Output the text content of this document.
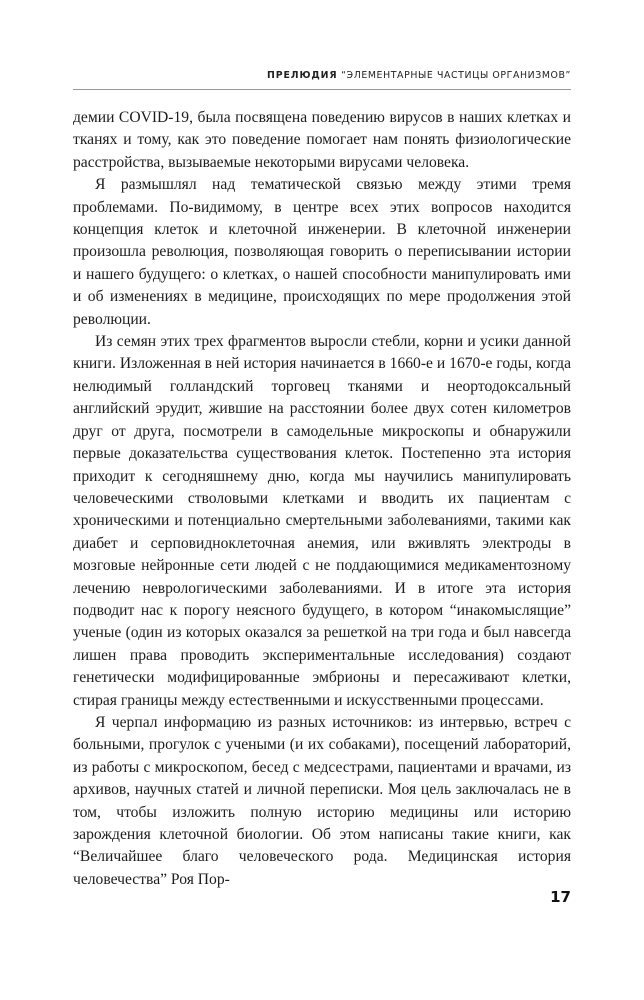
ПРЕЛЮДИЯ “ЭЛЕМЕНТАРНЫЕ ЧАСТИЦЫ ОРГАНИЗМОВ”

демии COVID-19, была посвящена поведению вирусов в наших клетках и тканях и тому, как это поведение помогает нам понять физиологические расстройства, вызываемые некоторыми вирусами человека.

Я размышлял над тематической связью между этими тремя проблемами. По-видимому, в центре всех этих вопросов находится концепция клеток и клеточной инженерии. В клеточной инженерии произошла революция, позволяющая говорить о переписывании истории и нашего будущего: о клетках, о нашей способности манипулировать ими и об изменениях в медицине, происходящих по мере продолжения этой революции.

Из семян этих трех фрагментов выросли стебли, корни и усики данной книги. Изложенная в ней история начинается в 1660-е и 1670-е годы, когда нелюдимый голландский торговец тканями и неортодоксальный английский эрудит, жившие на расстоянии более двух сотен километров друг от друга, посмотрели в самодельные микроскопы и обнаружили первые доказательства существования клеток. Постепенно эта история приходит к сегодняшнему дню, когда мы научились манипулировать человеческими стволовыми клетками и вводить их пациентам с хроническими и потенциально смертельными заболеваниями, такими как диабет и серповидноклеточная анемия, или вживлять электроды в мозговые нейронные сети людей с не поддающимися медикаментозному лечению неврологическими заболеваниями. И в итоге эта история подводит нас к порогу неясного будущего, в котором “инакомыслящие” ученые (один из которых оказался за решеткой на три года и был навсегда лишен права проводить экспериментальные исследования) создают генетически модифицированные эмбрионы и пересаживают клетки, стирая границы между естественными и искусственными процессами.

Я черпал информацию из разных источников: из интервью, встреч с больными, прогулок с учеными (и их собаками), посещений лабораторий, из работы с микроскопом, бесед с медсестрами, пациентами и врачами, из архивов, научных статей и личной переписки. Моя цель заключалась не в том, чтобы изложить полную историю медицины или историю зарождения клеточной биологии. Об этом написаны такие книги, как “Величайшее благо человеческого рода. Медицинская история человечества” Роя Пор-

17
